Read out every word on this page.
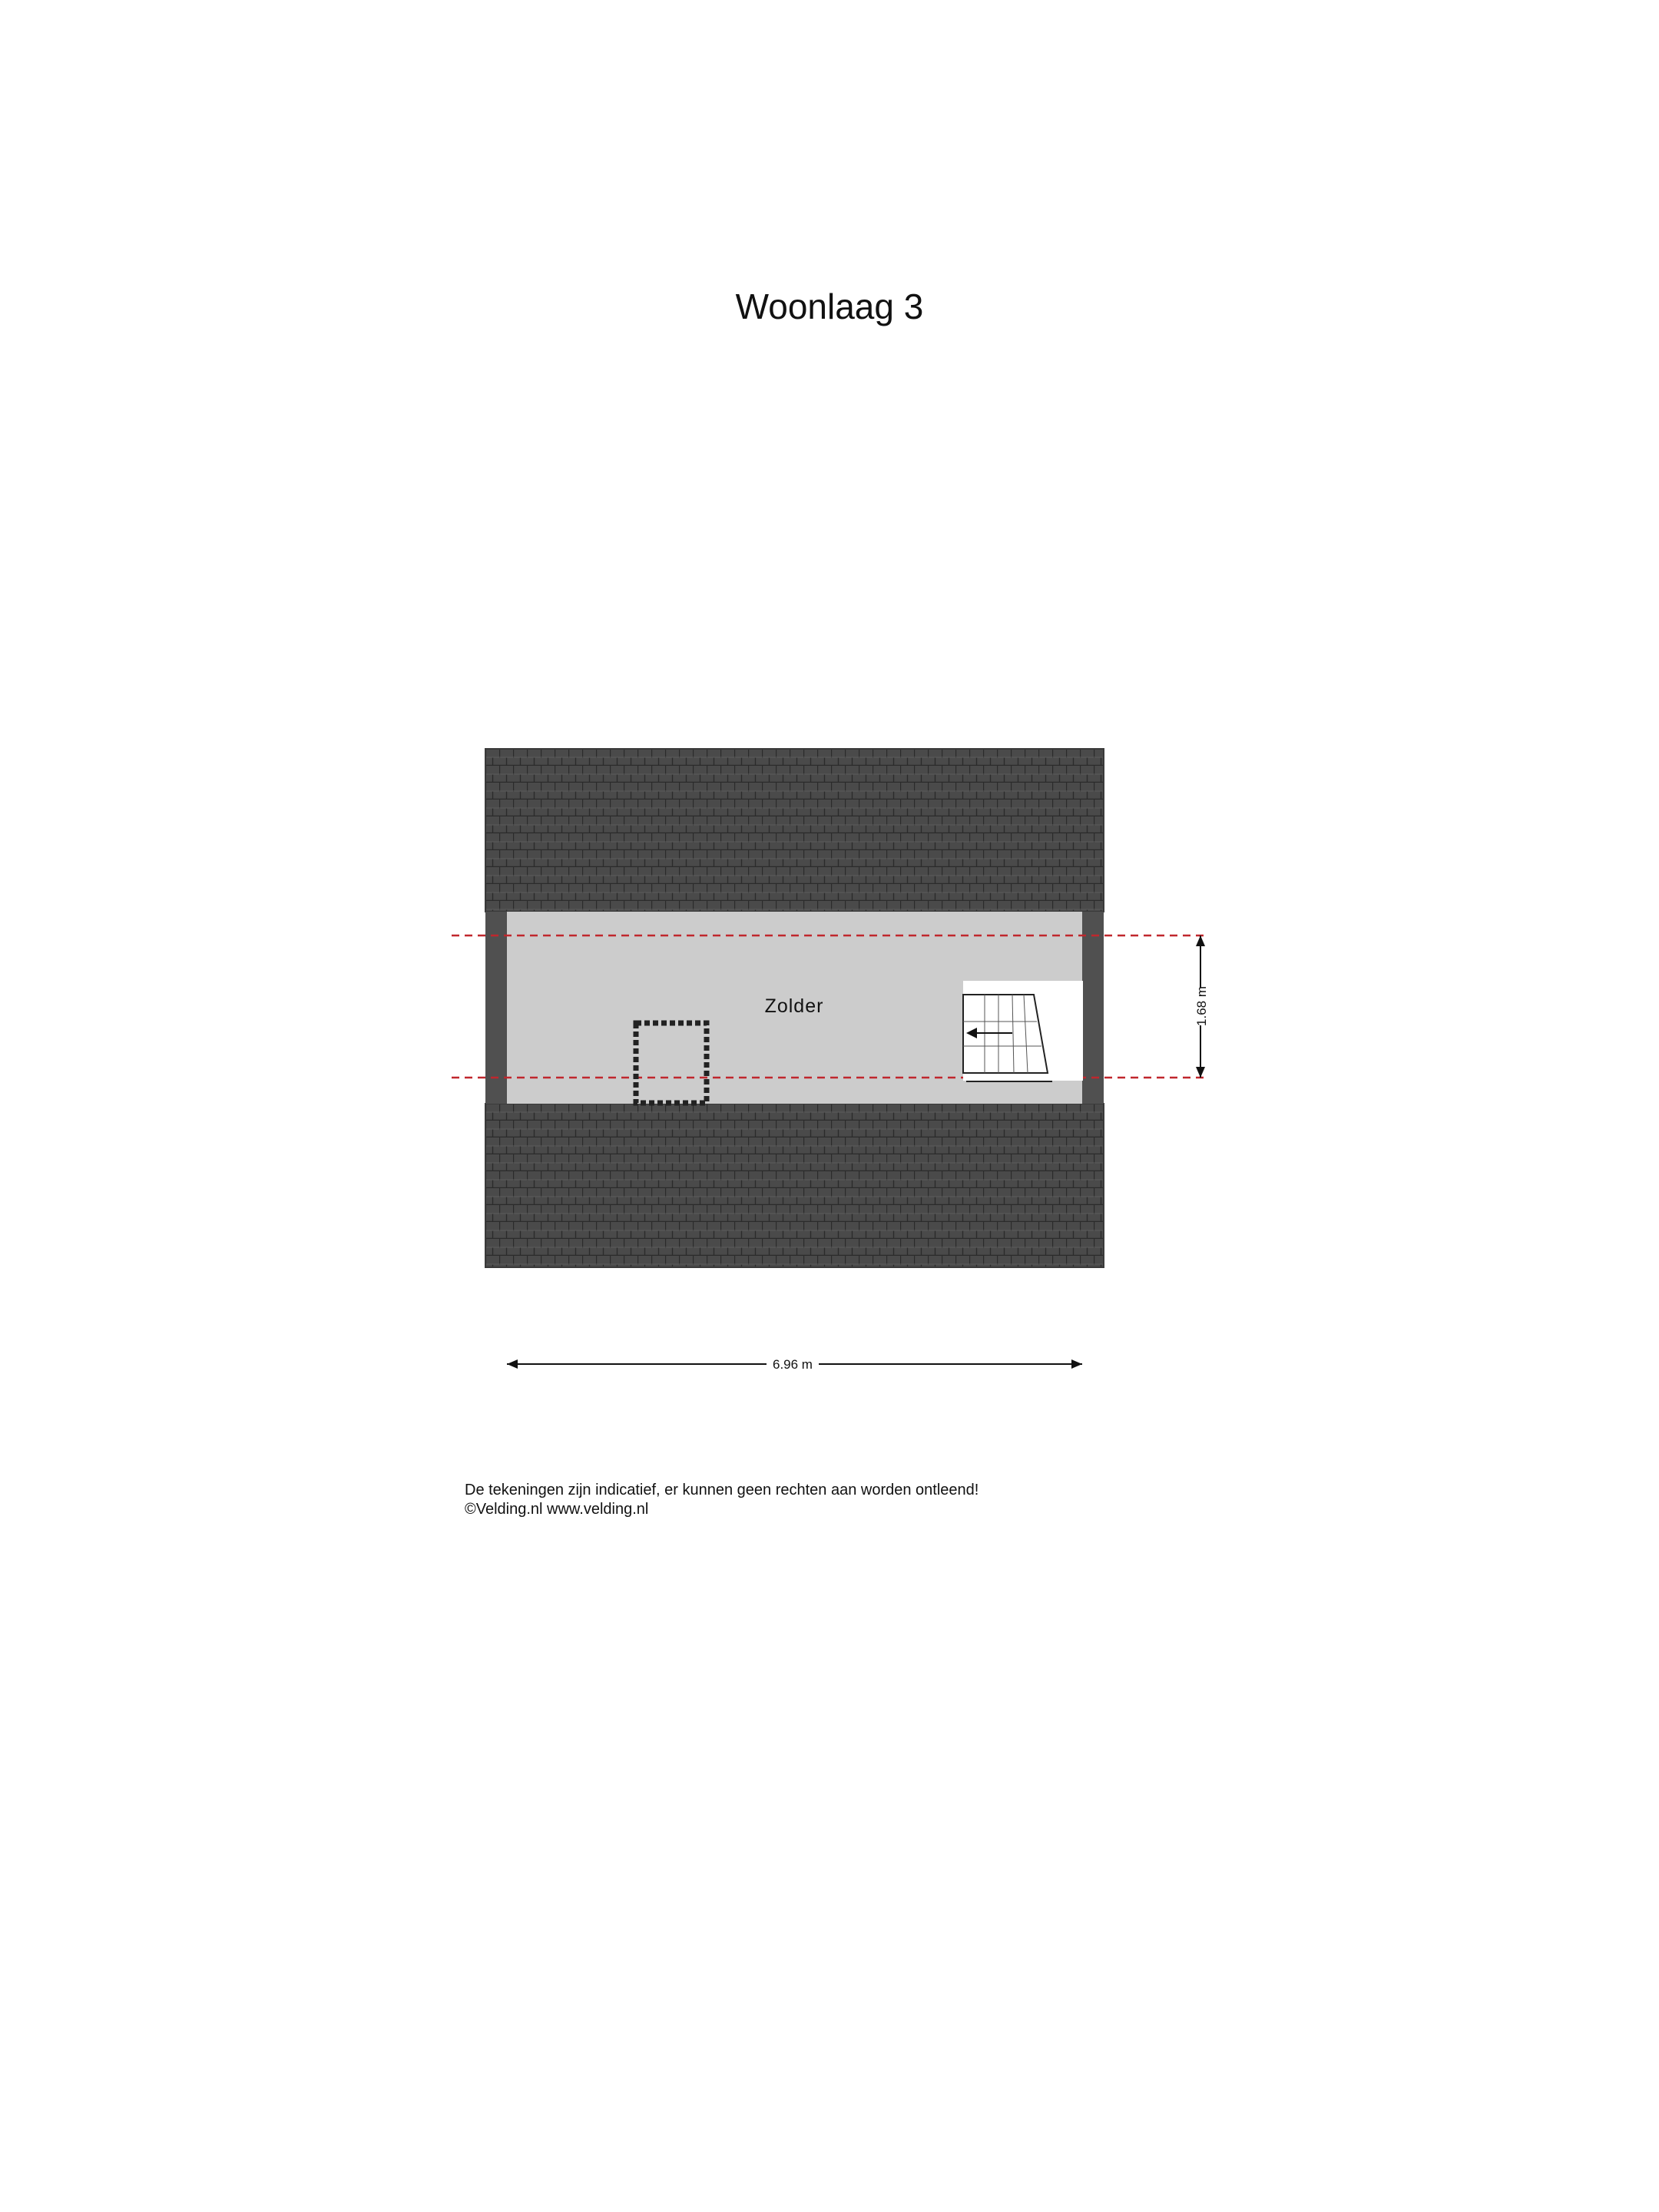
Woonlaag 3
Zolder	1.68 m
6.96 m
De tekeningen zijn indicatief, er kunnen geen rechten aan worden ontleend!
©Velding.nl www.velding.nl
